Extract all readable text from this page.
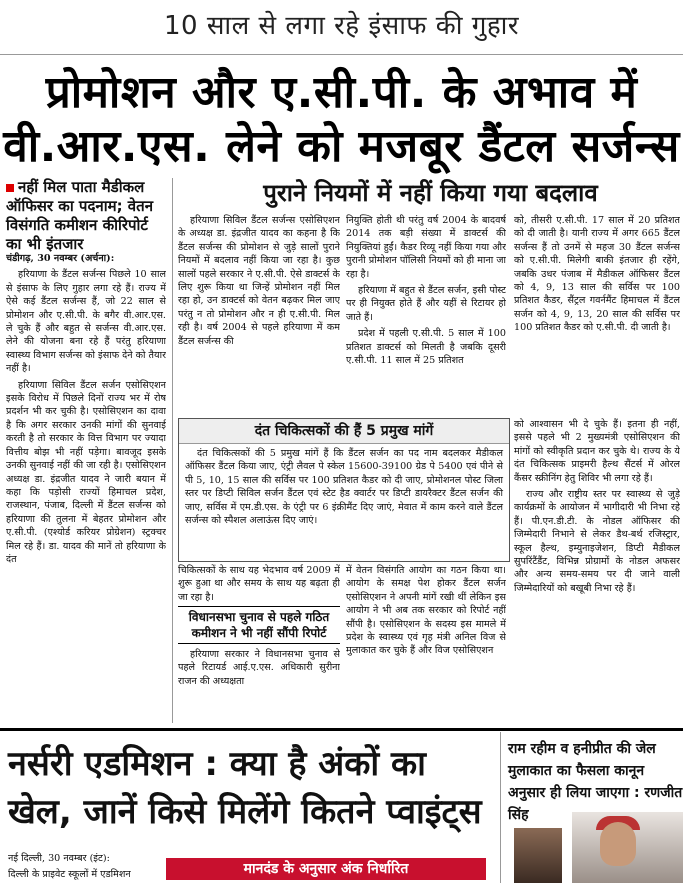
10 साल से लगा रहे इंसाफ की गुहार
प्रोमोशन और ए.सी.पी. के अभाव में
वी.आर.एस. लेने को मजबूर डैंटल सर्जन्स
नहीं मिल पाता मैडीकल ऑफिसर का पदनाम; वेतन विसंगति कमीशन कीरिपोर्ट का भी इंतजार

चंडीगढ़, 30 नवम्बर (अर्चना):

हरियाणा के डैंटल सर्जन्स पिछले 10 साल से इंसाफ के लिए गुहार लगा रहे हैं। राज्य में ऐसे कई डैंटल सर्जन्स हैं, जो 22 साल से प्रोमोशन और ए.सी.पी. के बगैर वी.आर.एस. ले चुके हैं और बहुत से सर्जन्स वी.आर.एस. लेने की योजना बना रहे हैं परंतु हरियाणा स्वास्थ्य विभाग सर्जन्स को इंसाफ देने को तैयार नहीं है।

हरियाणा सिविल डैंटल सर्जन एसोसिएशन इसके विरोध में पिछले दिनों राज्य भर में रोष प्रदर्शन भी कर चुकी है। एसोसिएशन का दावा है कि अगर सरकार उनकी मांगों की सुनवाई करती है तो सरकार के वित्त विभाग पर ज्यादा वित्तीय बोझ भी नहीं पड़ेगा। बावजूद इसके उनकी सुनवाई नहीं की जा रही है। एसोसिएशन अध्यक्ष डा. इंद्रजीत यादव ने जारी बयान में कहा कि पड़ोसी राज्यों हिमाचल प्रदेश, राजस्थान, पंजाब, दिल्ली में डैंटल सर्जन्स को हरियाणा की तुलना में बेहतर प्रोमोशन और ए.सी.पी. (एश्योर्ड करियर प्रोग्रेशन) स्ट्रक्चर मिल रहे हैं। डा. यादव की मानें तो हरियाणा के दंत

पुराने नियमों में नहीं किया गया बदलाव

हरियाणा सिविल डैंटल सर्जन्स एसोसिएशन के अध्यक्ष डा. इंद्रजीत यादव का कहना है कि डैंटल सर्जन्स की प्रोमोशन से जुड़े सालों पुराने नियमों में बदलाव नहीं किया जा रहा है। कुछ सालों पहले सरकार ने ए.सी.पी. ऐसे डाक्टर्स के लिए शुरू किया था जिन्हें प्रोमोशन नहीं मिल रहा हो, उन डाक्टर्स को वेतन बढ़कर मिल जाए परंतु न तो प्रोमोशन और न ही ए.सी.पी. मिल रही है। वर्ष 2004 से पहले हरियाणा में कम डैंटल सर्जन्स की

नियुक्ति होती थी परंतु वर्ष 2004 के बादवर्ष 2014 तक बड़ी संख्या में डाक्टर्स की नियुक्तियां हुईं। कैडर रिव्यू नहीं किया गया और पुरानी प्रोमोशन पॉलिसी नियमों को ही माना जा रहा है।

हरियाणा में बहुत से डैंटल सर्जन, इसी पोस्ट पर ही नियुक्त होते हैं और यहीं से रिटायर हो जाते हैं।

प्रदेश में पहली ए.सी.पी. 5 साल में 100 प्रतिशत डाक्टर्स को मिलती है जबकि दूसरी ए.सी.पी. 11 साल में 25 प्रतिशत

को, तीसरी ए.सी.पी. 17 साल में 20 प्रतिशत को दी जाती है। यानी राज्य में अगर 665 डैंटल सर्जन्स हैं तो उनमें से महज 30 डैंटल सर्जन्स को ए.सी.पी. मिलेगी बाकी इंतजार ही रहेंगे, जबकि उधर पंजाब में मैडीकल ऑफिसर डैंटल को 4, 9, 13 साल की सर्विस पर 100 प्रतिशत कैडर, सैंट्रल गवर्नमैंट हिमाचल में डैंटल सर्जन को 4, 9, 13, 20 साल की सर्विस पर 100 प्रतिशत कैडर को ए.सी.पी. दी जाती है।

दंत चिकित्सकों की हैं 5 प्रमुख मांगें

दंत चिकित्सकों की 5 प्रमुख मांगें हैं कि डैंटल सर्जन का पद नाम बदलकर मैडीकल ऑफिसर डैंटल किया जाए, एंट्री लैवल पे स्केल 15600-39100 ग्रेड पे 5400 एवं पीने से पी 5, 10, 15 साल की सर्विस पर 100 प्रतिशत कैडर को दी जाए, प्रोमोशनल पोस्ट जिला स्तर पर डिप्टी सिविल सर्जन डैंटल एवं स्टेट हैड क्वार्टर पर डिप्टी डायरैक्टर डैंटल सर्जन की जाए, सर्विस में एम.डी.एस. के एंट्री पर 6 इंक्रीमैंट दिए जाएं, मेवात में काम करने वाले डैंटल सर्जन्स को स्पैशल अलाऊंस दिए जाएं।

चिकित्सकों के साथ यह भेदभाव वर्ष 2009 में शुरू हुआ था और समय के साथ यह बढ़ता ही जा रहा है।

विधानसभा चुनाव से पहले गठित कमीशन ने भी नहीं सौंपी रिपोर्ट

हरियाणा सरकार ने विधानसभा चुनाव से पहले रिटायर्ड आई.ए.एस. अधिकारी सुरीना राजन की अध्यक्षता

में वेतन विसंगति आयोग का गठन किया था। आयोग के समक्ष पेश होकर डैंटल सर्जन एसोसिएशन ने अपनी मांगें रखी थीं लेकिन इस आयोग ने भी अब तक सरकार को रिपोर्ट नहीं सौंपी है। एसोसिएशन के सदस्य इस मामले में प्रदेश के स्वास्थ्य एवं गृह मंत्री अनिल विज से मुलाकात कर चुके हैं और विज एसोसिएशन

को आश्वासन भी दे चुके हैं। इतना ही नहीं, इससे पहले भी 2 मुख्यमंत्री एसोसिएशन की मांगों को स्वीकृति प्रदान कर चुके थे। राज्य के ये दंत चिकित्सक प्राइमरी हैल्थ सैंटर्स में ओरल कैंसर स्क्रीनिंग हेतु शिविर भी लगा रहे हैं।

राज्य और राष्ट्रीय स्तर पर स्वास्थ्य से जुड़े कार्यक्रमों के आयोजन में भागीदारी भी निभा रहे हैं। पी.एन.डी.टी. के नोडल ऑफिसर की जिम्मेदारी निभाने से लेकर डैथ-बर्थ रजिस्ट्रार, स्कूल हैल्थ, इम्युनाइजेशन, डिप्टी मैडीकल सुपरिंटैंडैंट, विभिन्न प्रोग्रामों के नोडल अफसर और अन्य समय-समय पर दी जाने वाली जिम्मेदारियों को बखूबी निभा रहे हैं।

नर्सरी एडमिशन : क्या है अंकों का
खेल, जानें किसे मिलेंगे कितने प्वाइंट्स

नई दिल्ली, 30 नवम्बर (इंट):

दिल्ली के प्राइवेट स्कूलों में एडमिशन	मानदंड के अनुसार अंक निर्धारित
राम रहीम व हनीप्रीत की जेल मुलाकात का फैसला कानून अनुसार ही लिया जाएगा : रणजीत सिंह
